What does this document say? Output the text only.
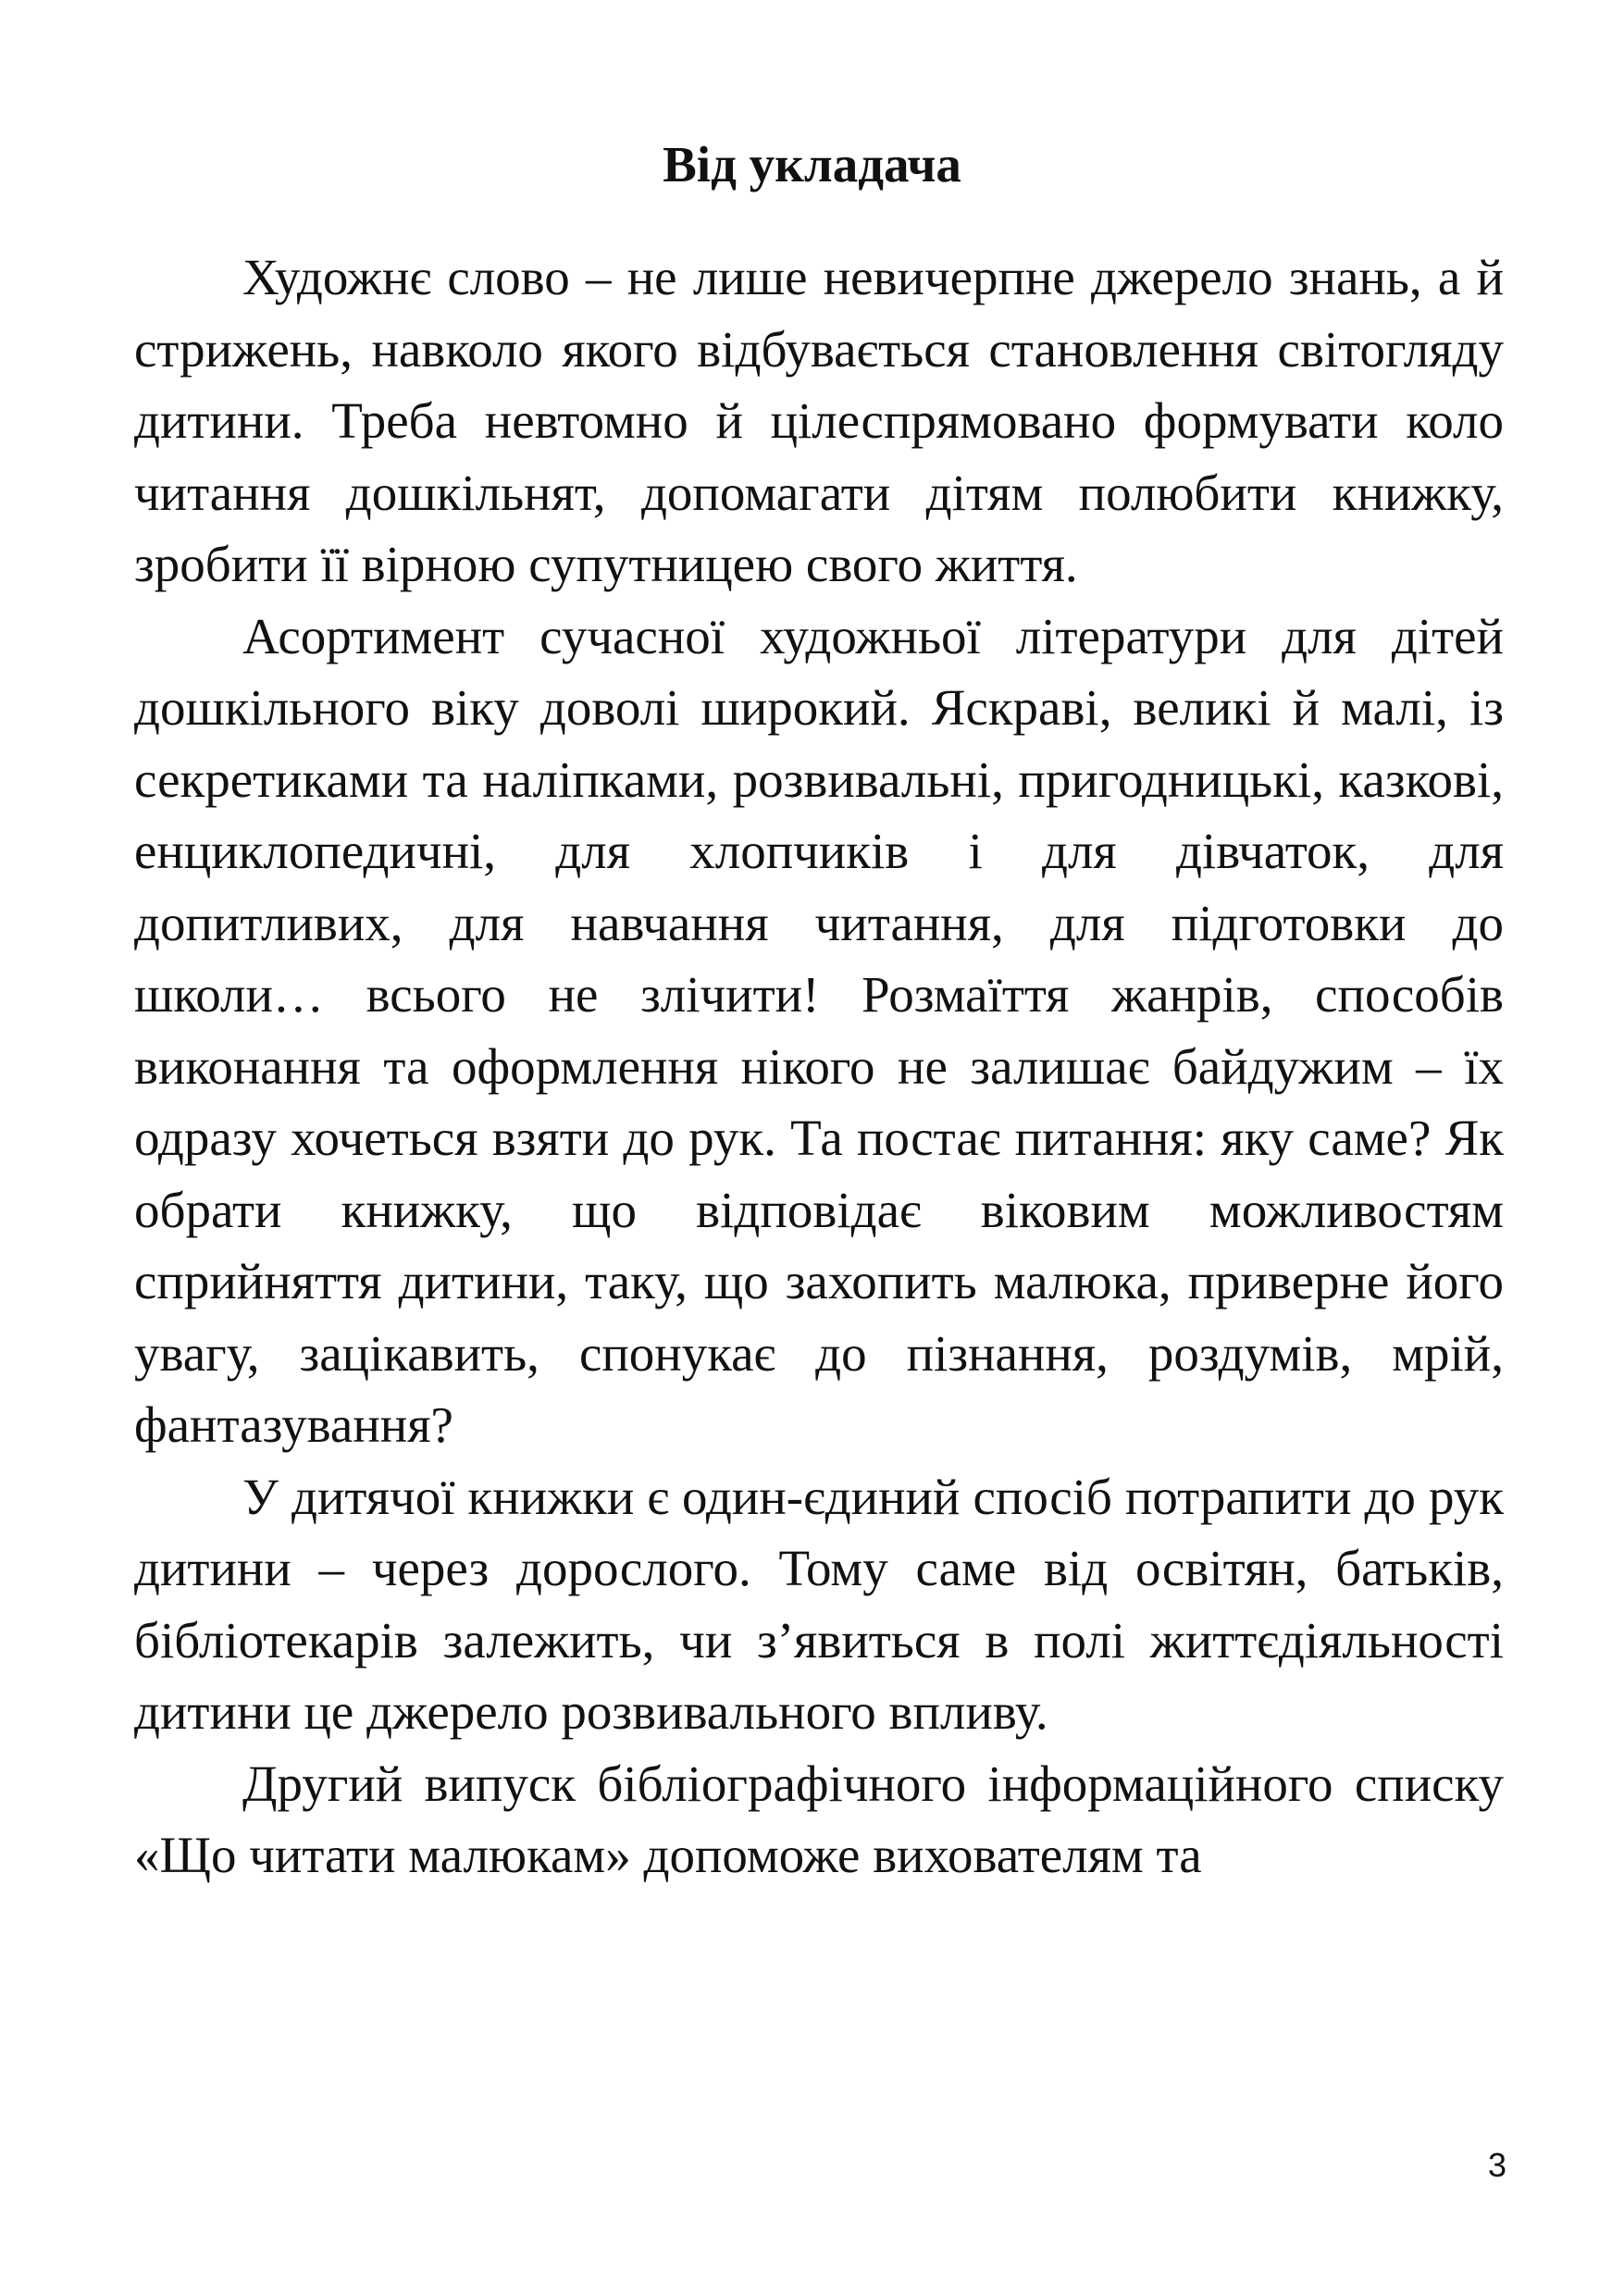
Від укладача

Художнє слово – не лише невичерпне джерело знань, а й стрижень, навколо якого відбувається становлення світогляду дитини. Треба невтомно й цілеспрямовано формувати коло читання дошкільнят, допомагати дітям полюбити книжку, зробити її вірною супутницею свого життя.

Асортимент сучасної художньої літератури для дітей дошкільного віку доволі широкий. Яскраві, великі й малі, із секретиками та наліпками, розвивальні, пригодницькі, казкові, енциклопедичні, для хлопчиків і для дівчаток, для допитливих, для навчання читання, для підготовки до школи… всього не злічити! Розмаїття жанрів, способів виконання та оформлення нікого не залишає байдужим – їх одразу хочеться взяти до рук. Та постає питання: яку саме? Як обрати книжку, що відповідає віковим можливостям сприйняття дитини, таку, що захопить малюка, приверне його увагу, зацікавить, спонукає до пізнання, роздумів, мрій, фантазування?

У дитячої книжки є один-єдиний спосіб потрапити до рук дитини – через дорослого. Тому саме від освітян, батьків, бібліотекарів залежить, чи з’явиться в полі життєдіяльності дитини це джерело розвивального впливу.

Другий випуск бібліографічного інформаційного списку «Що читати малюкам» допоможе вихователям та

3
